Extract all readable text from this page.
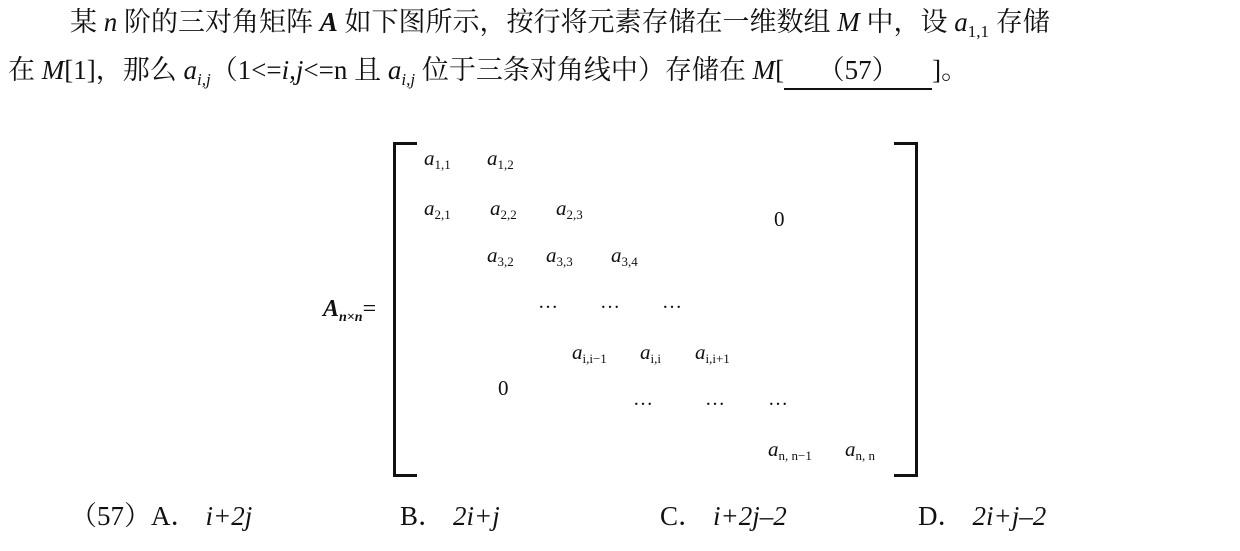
某 n 阶的三对角矩阵 A 如下图所示，按行将元素存储在一维数组 M 中，设 $a_{1,1}$ 存储
在 M[1]，那么 $a_{i,j}(1<=i,j<=n$ 且 $a_{i,j}$ 位于三条对角线中）存储在 M[ （57） ]。
$A_{n\times n}=$
$a_{1,1}$ $a_{1,2}$
$a_{2,1}$ $a_{2,2}$ $a_{2,3}$	0
$a_{3,2}$ $a_{3,3}$ $a_{3,4}$
… … …
$a_{i,i-1}$ $a_{i,i}$ $a_{i,i+1}$
0	…	… …
$a_{n, n-1}$ $a_{n, n}$
（57）A． i+2j	B． 2i+j	C． i+2j–2	D． 2i+j–2
